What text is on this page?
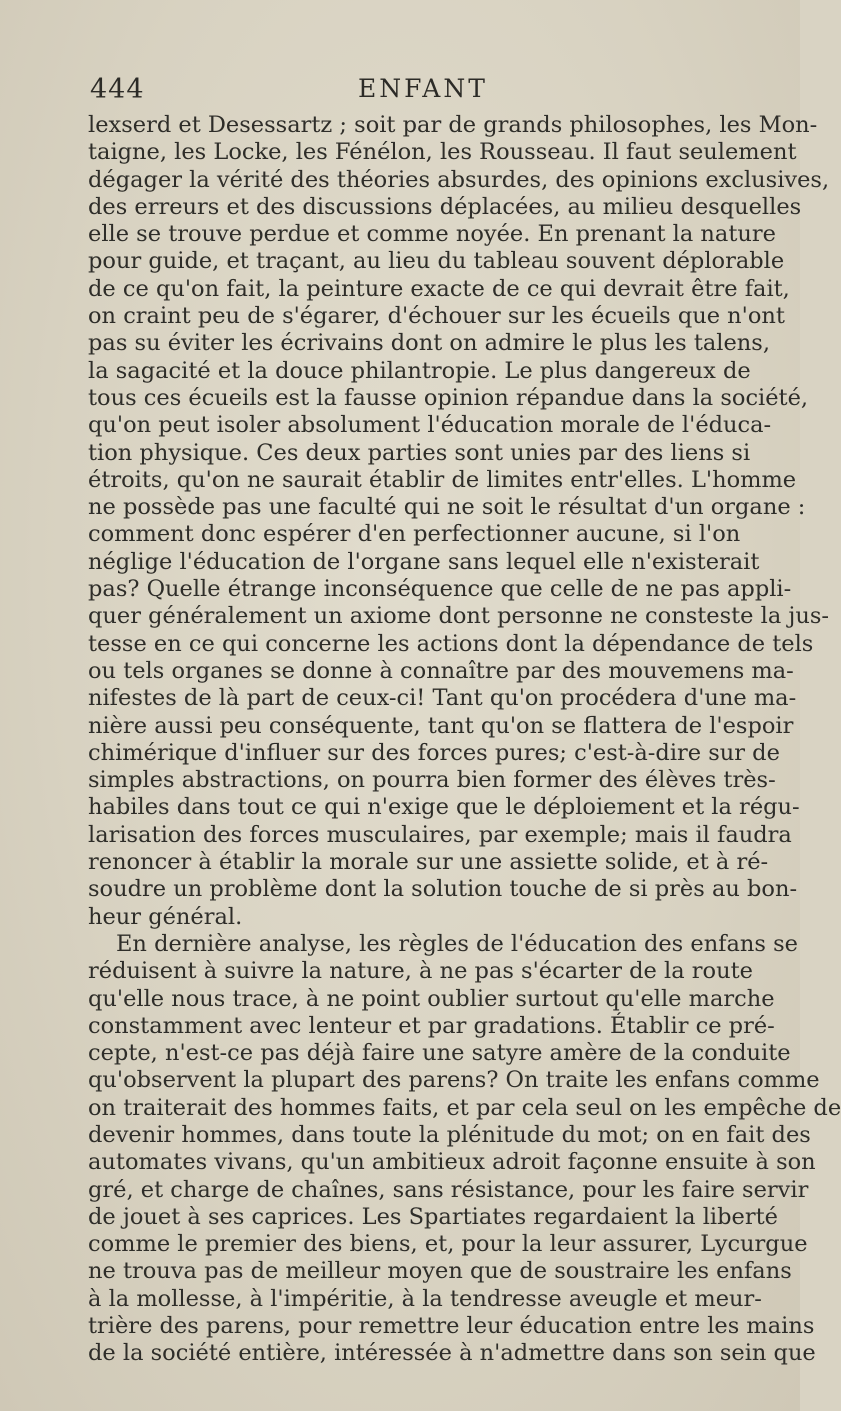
444	ENFANT
lexserd et Desessartz ; soit par de grands philosophes, les Mon-
taigne, les Locke, les Fénélon, les Rousseau. Il faut seulement
dégager la vérité des théories absurdes, des opinions exclusives,
des erreurs et des discussions déplacées, au milieu desquelles
elle se trouve perdue et comme noyée. En prenant la nature
pour guide, et traçant, au lieu du tableau souvent déplorable
de ce qu'on fait, la peinture exacte de ce qui devrait être fait,
on craint peu de s'égarer, d'échouer sur les écueils que n'ont
pas su éviter les écrivains dont on admire le plus les talens,
la sagacité et la douce philantropie. Le plus dangereux de
tous ces écueils est la fausse opinion répandue dans la société,
qu'on peut isoler absolument l'éducation morale de l'éduca-
tion physique. Ces deux parties sont unies par des liens si
étroits, qu'on ne saurait établir de limites entr'elles. L'homme
ne possède pas une faculté qui ne soit le résultat d'un organe :
comment donc espérer d'en perfectionner aucune, si l'on
néglige l'éducation de l'organe sans lequel elle n'existerait
pas? Quelle étrange inconséquence que celle de ne pas appli-
quer généralement un axiome dont personne ne consteste la jus-
tesse en ce qui concerne les actions dont la dépendance de tels
ou tels organes se donne à connaître par des mouvemens ma-
nifestes de là part de ceux-ci! Tant qu'on procédera d'une ma-
nière aussi peu conséquente, tant qu'on se flattera de l'espoir
chimérique d'influer sur des forces pures; c'est-à-dire sur de
simples abstractions, on pourra bien former des élèves très-
habiles dans tout ce qui n'exige que le déploiement et la régu-
larisation des forces musculaires, par exemple; mais il faudra
renoncer à établir la morale sur une assiette solide, et à ré-
soudre un problème dont la solution touche de si près au bon-
heur général.
En dernière analyse, les règles de l'éducation des enfans se
réduisent à suivre la nature, à ne pas s'écarter de la route
qu'elle nous trace, à ne point oublier surtout qu'elle marche
constamment avec lenteur et par gradations. Établir ce pré-
cepte, n'est-ce pas déjà faire une satyre amère de la conduite
qu'observent la plupart des parens? On traite les enfans comme
on traiterait des hommes faits, et par cela seul on les empêche de
devenir hommes, dans toute la plénitude du mot; on en fait des
automates vivans, qu'un ambitieux adroit façonne ensuite à son
gré, et charge de chaînes, sans résistance, pour les faire servir
de jouet à ses caprices. Les Spartiates regardaient la liberté
comme le premier des biens, et, pour la leur assurer, Lycurgue
ne trouva pas de meilleur moyen que de soustraire les enfans
à la mollesse, à l'impéritie, à la tendresse aveugle et meur-
trière des parens, pour remettre leur éducation entre les mains
de la société entière, intéressée à n'admettre dans son sein que
